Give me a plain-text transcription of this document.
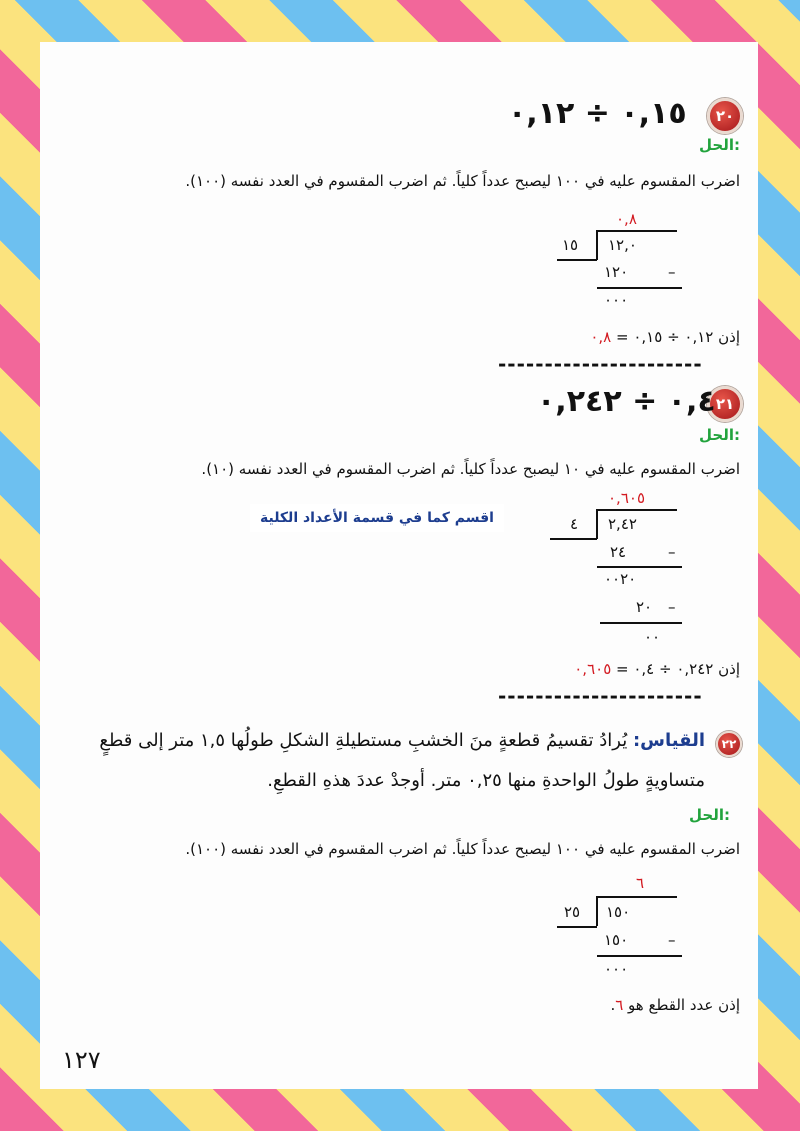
٢٠
٠,١٥ ÷ ٠,١٢
الحل:
اضرب المقسوم عليه في ١٠٠ ليصبح عدداً كلياً. ثم اضرب المقسوم في العدد نفسه (١٠٠).
٠,٨
١٥ ١٢,٠
١٢٠	–
٠٠٠
إذن ٠,١٢ ÷ ٠,١٥ = ٠,٨
----------------------
٢١
٠,٤ ÷ ٠,٢٤٢
الحل:
اضرب المقسوم عليه في ١٠ ليصبح عدداً كلياً. ثم اضرب المقسوم في العدد نفسه (١٠).
اقسم كما في قسمة الأعداد الكلية
٠,٦٠٥
٤ ٢,٤٢
٢٤	–
٠٠٢٠
٢٠ –
٠٠
إذن ٠,٢٤٢ ÷ ٠,٤ = ٠,٦٠٥
----------------------
٢٢
القياس: يُرادُ تقسيمُ قطعةٍ منَ الخشبِ مستطيلةِ الشكلِ طولُها ١,٥ متر إلى قطعٍ
متساويةٍ طولُ الواحدةِ منها ٠,٢٥ متر. أوجدْ عددَ هذهِ القطعِ.
الحل:
اضرب المقسوم عليه في ١٠٠ ليصبح عدداً كلياً. ثم اضرب المقسوم في العدد نفسه (١٠٠).
٦
٢٥ ١٥٠
١٥٠	–
٠٠٠
إذن عدد القطع هو ٦.
١٢٧
